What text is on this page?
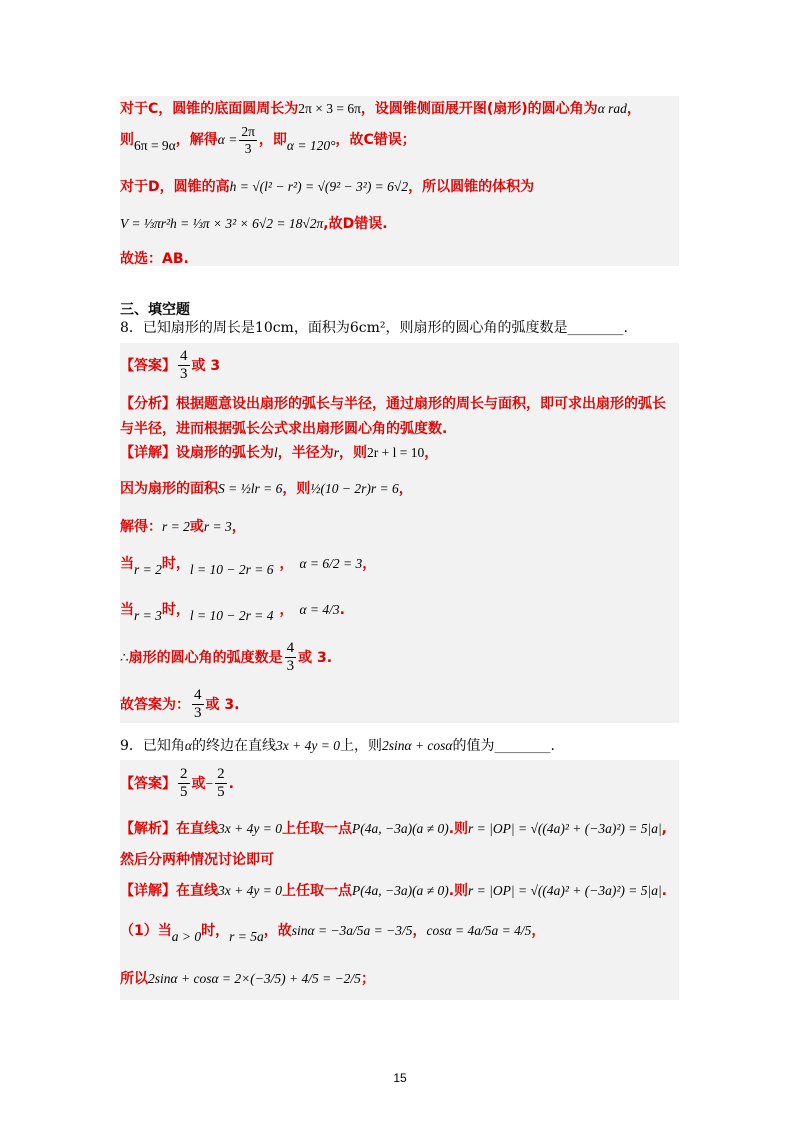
对于C，圆锥的底面圆周长为2π × 3 = 6π，设圆锥侧面展开图(扇形)的圆心角为α rad，
则6π = 9α，解得$\alpha = \frac{2\pi}{3}$ ，即α = 120°，故C错误；
对于D，圆锥的高h = √(l² − r²) = √(9² − 3²) = 6√2，所以圆锥的体积为
V = ⅓πr²h = ⅓π × 3² × 6√2 = 18√2π,故D错误.
故选：AB.
三、填空题
8．已知扇形的周长是10cm，面积为6cm²，则扇形的圆心角的弧度数是________.
【答案】 $\frac{4}{3}$ 或 3
【分析】根据题意设出扇形的弧长与半径，通过扇形的周长与面积，即可求出扇形的弧长
与半径，进而根据弧长公式求出扇形圆心角的弧度数.
【详解】设扇形的弧长为l，半径为r，则2r + l = 10，
因为扇形的面积S = ½lr = 6，则½(10 − 2r)r = 6，
解得：r = 2或r = 3，
当r = 2时，l = 10 − 2r = 6 ， α = 6/2 = 3，
当r = 3时，l = 10 − 2r = 4 ， α = 4/3.
∴扇形的圆心角的弧度数是 $\frac{4}{3}$ 或 3.
故答案为： $\frac{4}{3}$ 或 3.
9．已知角α的终边在直线3x + 4y = 0上，则2sinα + cosα的值为________.
【答案】 $\frac{2}{5}$ 或− $\frac{2}{5}$ .
【解析】在直线3x + 4y = 0上任取一点P(4a, −3a)(a ≠ 0).则r = |OP| = √((4a)² + (−3a)²) = 5|a|,
然后分两种情况讨论即可
【详解】在直线3x + 4y = 0上任取一点P(4a, −3a)(a ≠ 0).则r = |OP| = √((4a)² + (−3a)²) = 5|a|.
（1）当a > 0时，r = 5a，故sinα = −3a/5a = −3/5，cosα = 4a/5a = 4/5，
所以2sinα + cosα = 2×(−3/5) + 4/5 = −2/5；
15
